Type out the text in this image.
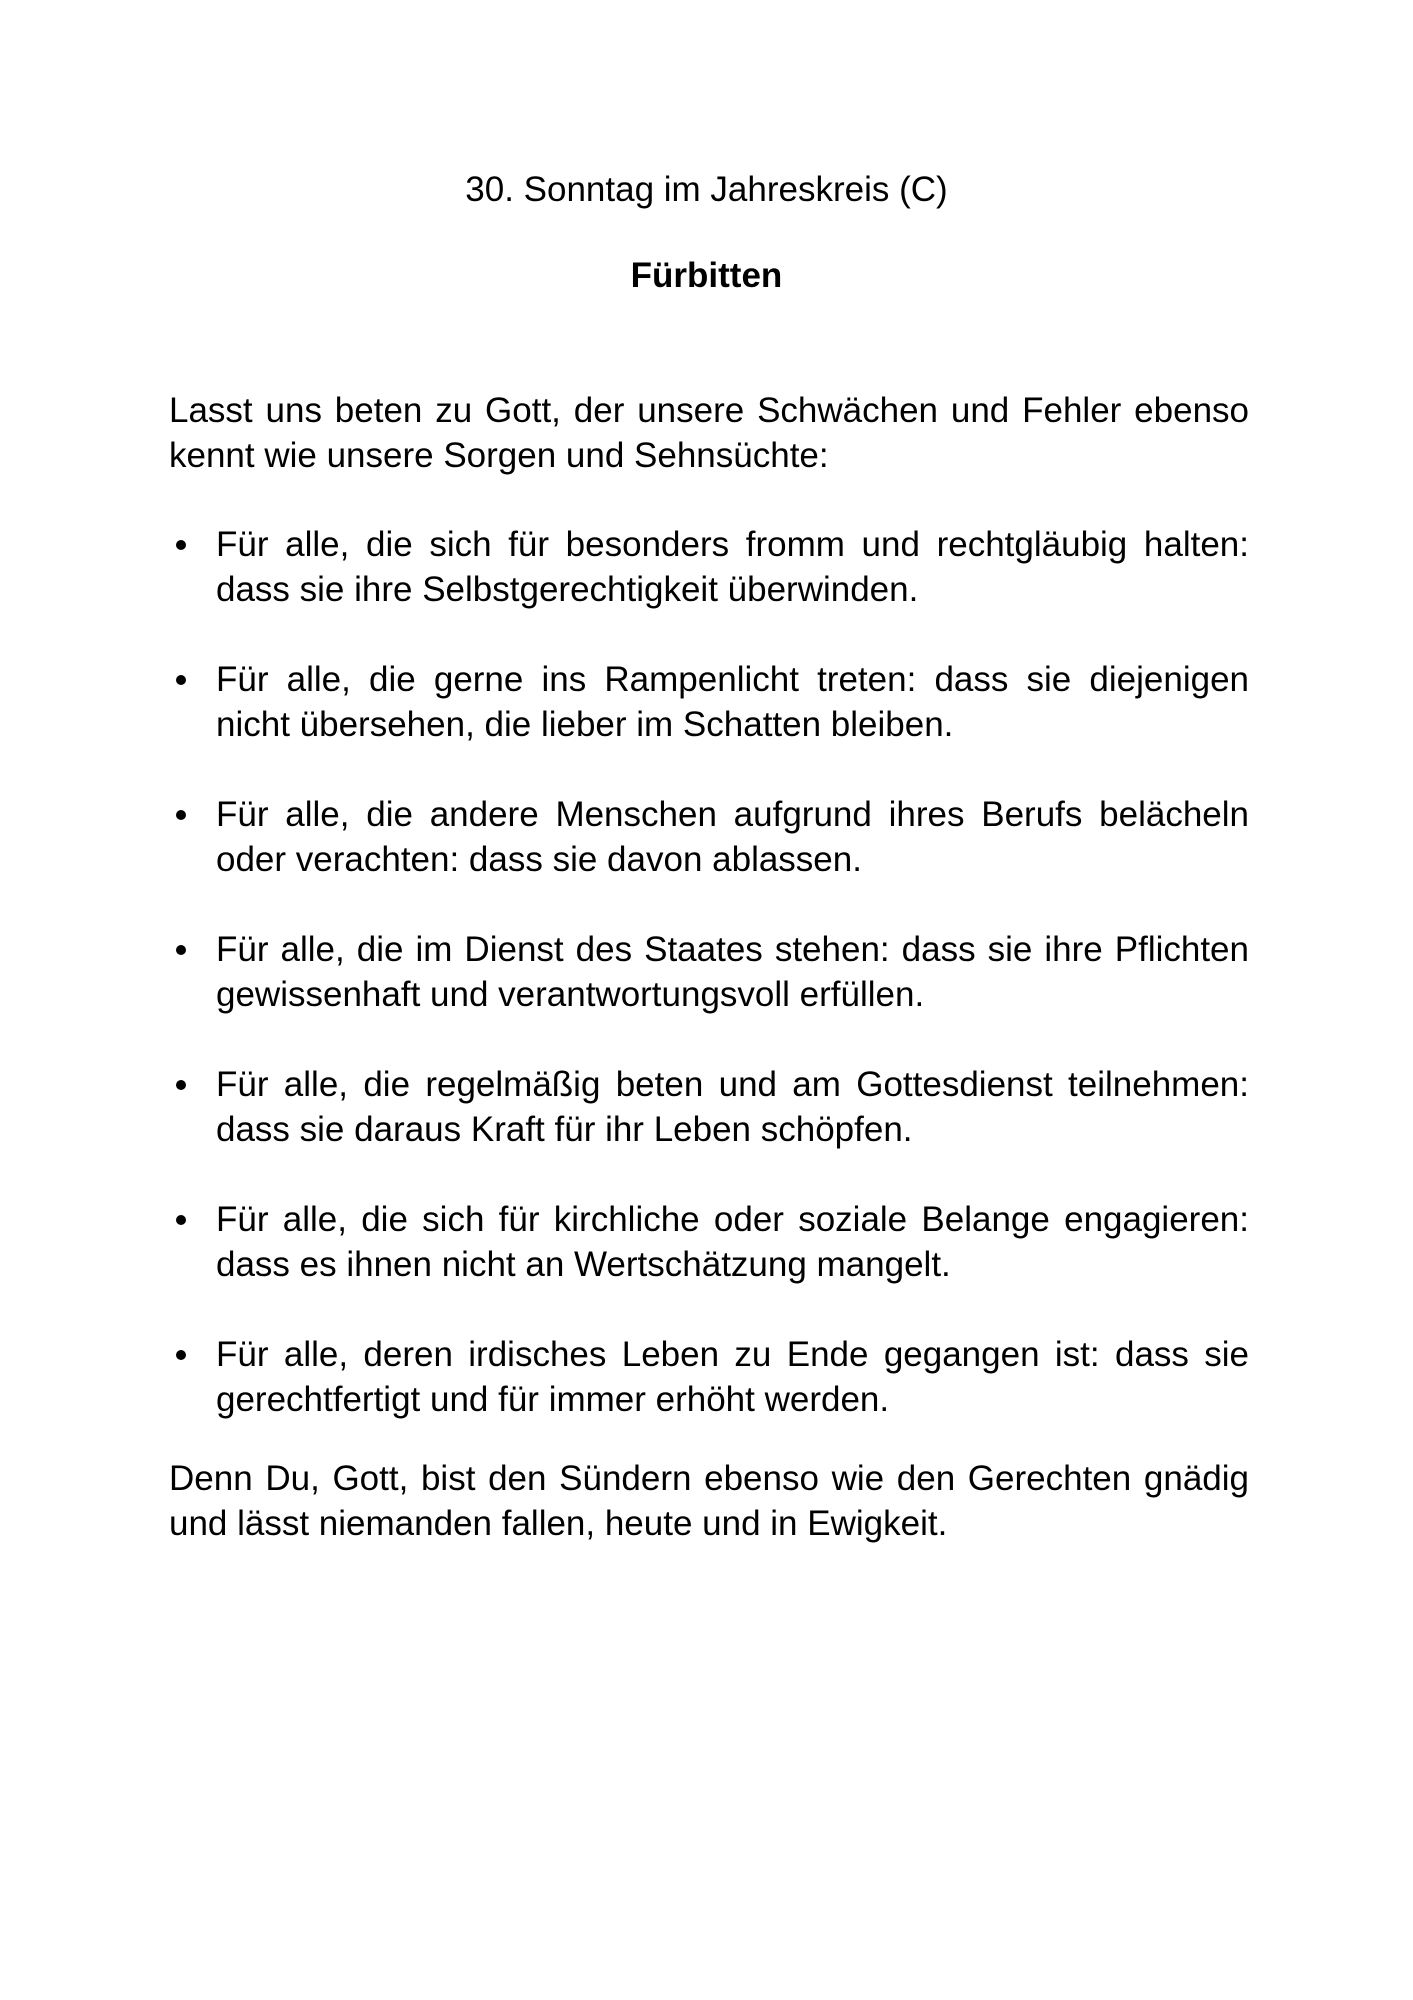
30. Sonntag im Jahreskreis (C)
Fürbitten

Lasst uns beten zu Gott, der unsere Schwächen und Fehler ebenso kennt wie unsere Sorgen und Sehnsüchte:

Für alle, die sich für besonders fromm und rechtgläubig halten: dass sie ihre Selbstgerechtigkeit überwinden.
Für alle, die gerne ins Rampenlicht treten: dass sie diejenigen nicht übersehen, die lieber im Schatten bleiben.
Für alle, die andere Menschen aufgrund ihres Berufs belächeln oder verachten: dass sie davon ablassen.
Für alle, die im Dienst des Staates stehen: dass sie ihre Pflichten gewissenhaft und verantwortungsvoll erfüllen.
Für alle, die regelmäßig beten und am Gottesdienst teilnehmen: dass sie daraus Kraft für ihr Leben schöpfen.
Für alle, die sich für kirchliche oder soziale Belange engagieren: dass es ihnen nicht an Wertschätzung mangelt.
Für alle, deren irdisches Leben zu Ende gegangen ist: dass sie gerechtfertigt und für immer erhöht werden.

Denn Du, Gott, bist den Sündern ebenso wie den Gerechten gnädig und lässt niemanden fallen, heute und in Ewigkeit.
